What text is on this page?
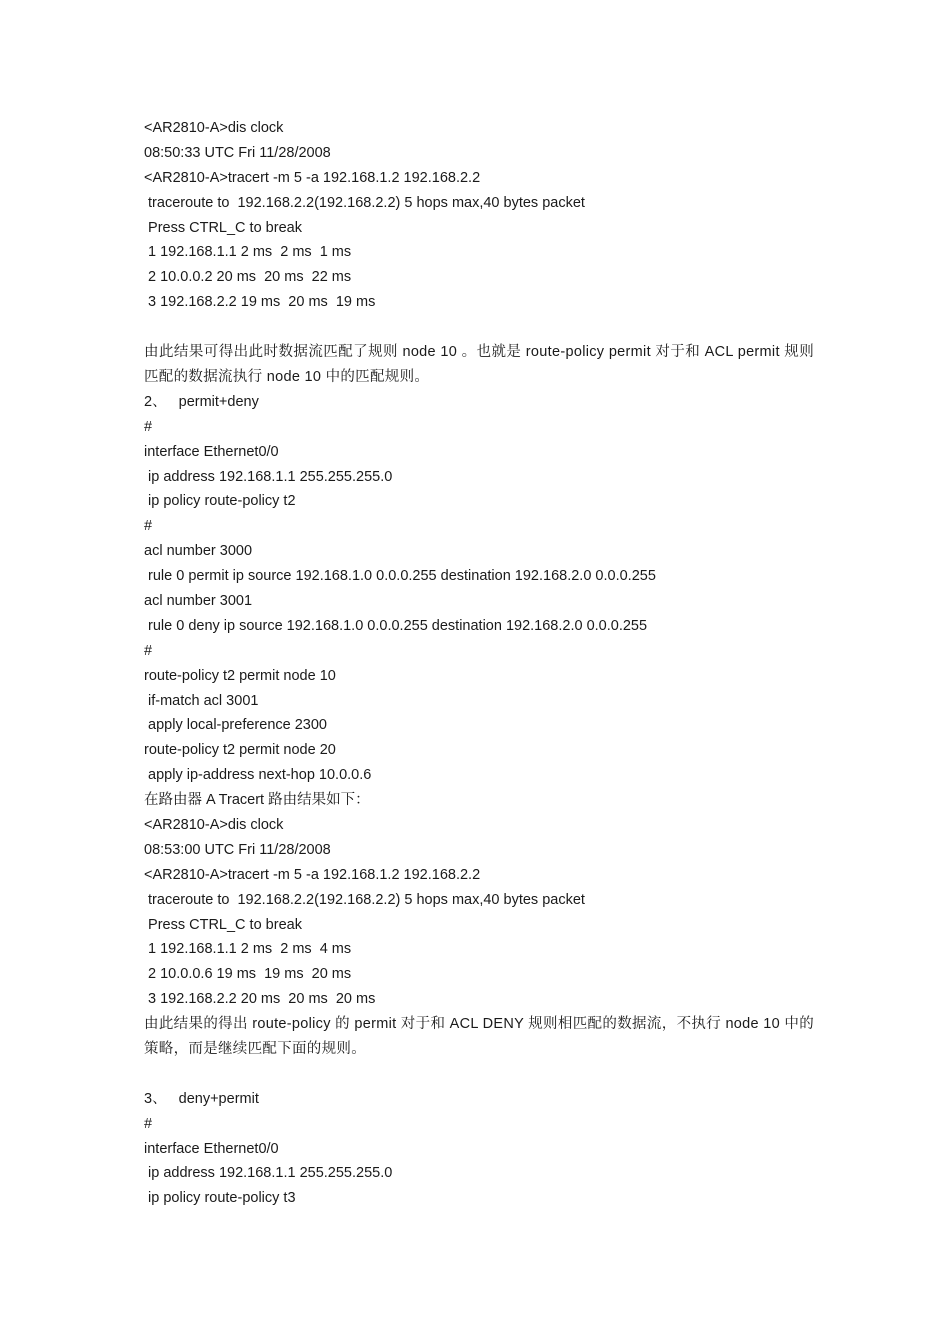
<AR2810-A>dis clock
08:50:33 UTC Fri 11/28/2008
<AR2810-A>tracert -m 5 -a 192.168.1.2 192.168.2.2
traceroute to  192.168.2.2(192.168.2.2) 5 hops max,40 bytes packet
Press CTRL_C to break
1 192.168.1.1 2 ms  2 ms  1 ms
2 10.0.0.2 20 ms  20 ms  22 ms
3 192.168.2.2 19 ms  20 ms  19 ms
由此结果可得出此时数据流匹配了规则 node 10 。也就是 route-policy permit 对于和 ACL permit 规则匹配的数据流执行 node 10 中的匹配规则。
2、   permit+deny
#
interface Ethernet0/0
ip address 192.168.1.1 255.255.255.0
ip policy route-policy t2
#
acl number 3000
rule 0 permit ip source 192.168.1.0 0.0.0.255 destination 192.168.2.0 0.0.0.255
acl number 3001
rule 0 deny ip source 192.168.1.0 0.0.0.255 destination 192.168.2.0 0.0.0.255
#
route-policy t2 permit node 10
if-match acl 3001
apply local-preference 2300
route-policy t2 permit node 20
apply ip-address next-hop 10.0.0.6
在路由器 A Tracert 路由结果如下：
<AR2810-A>dis clock
08:53:00 UTC Fri 11/28/2008
<AR2810-A>tracert -m 5 -a 192.168.1.2 192.168.2.2
traceroute to  192.168.2.2(192.168.2.2) 5 hops max,40 bytes packet
Press CTRL_C to break
1 192.168.1.1 2 ms  2 ms  4 ms
2 10.0.0.6 19 ms  19 ms  20 ms
3 192.168.2.2 20 ms  20 ms  20 ms
由此结果的得出 route-policy 的 permit 对于和 ACL DENY 规则相匹配的数据流，不执行 node 10 中的策略，而是继续匹配下面的规则。
3、   deny+permit
#
interface Ethernet0/0
ip address 192.168.1.1 255.255.255.0
ip policy route-policy t3
